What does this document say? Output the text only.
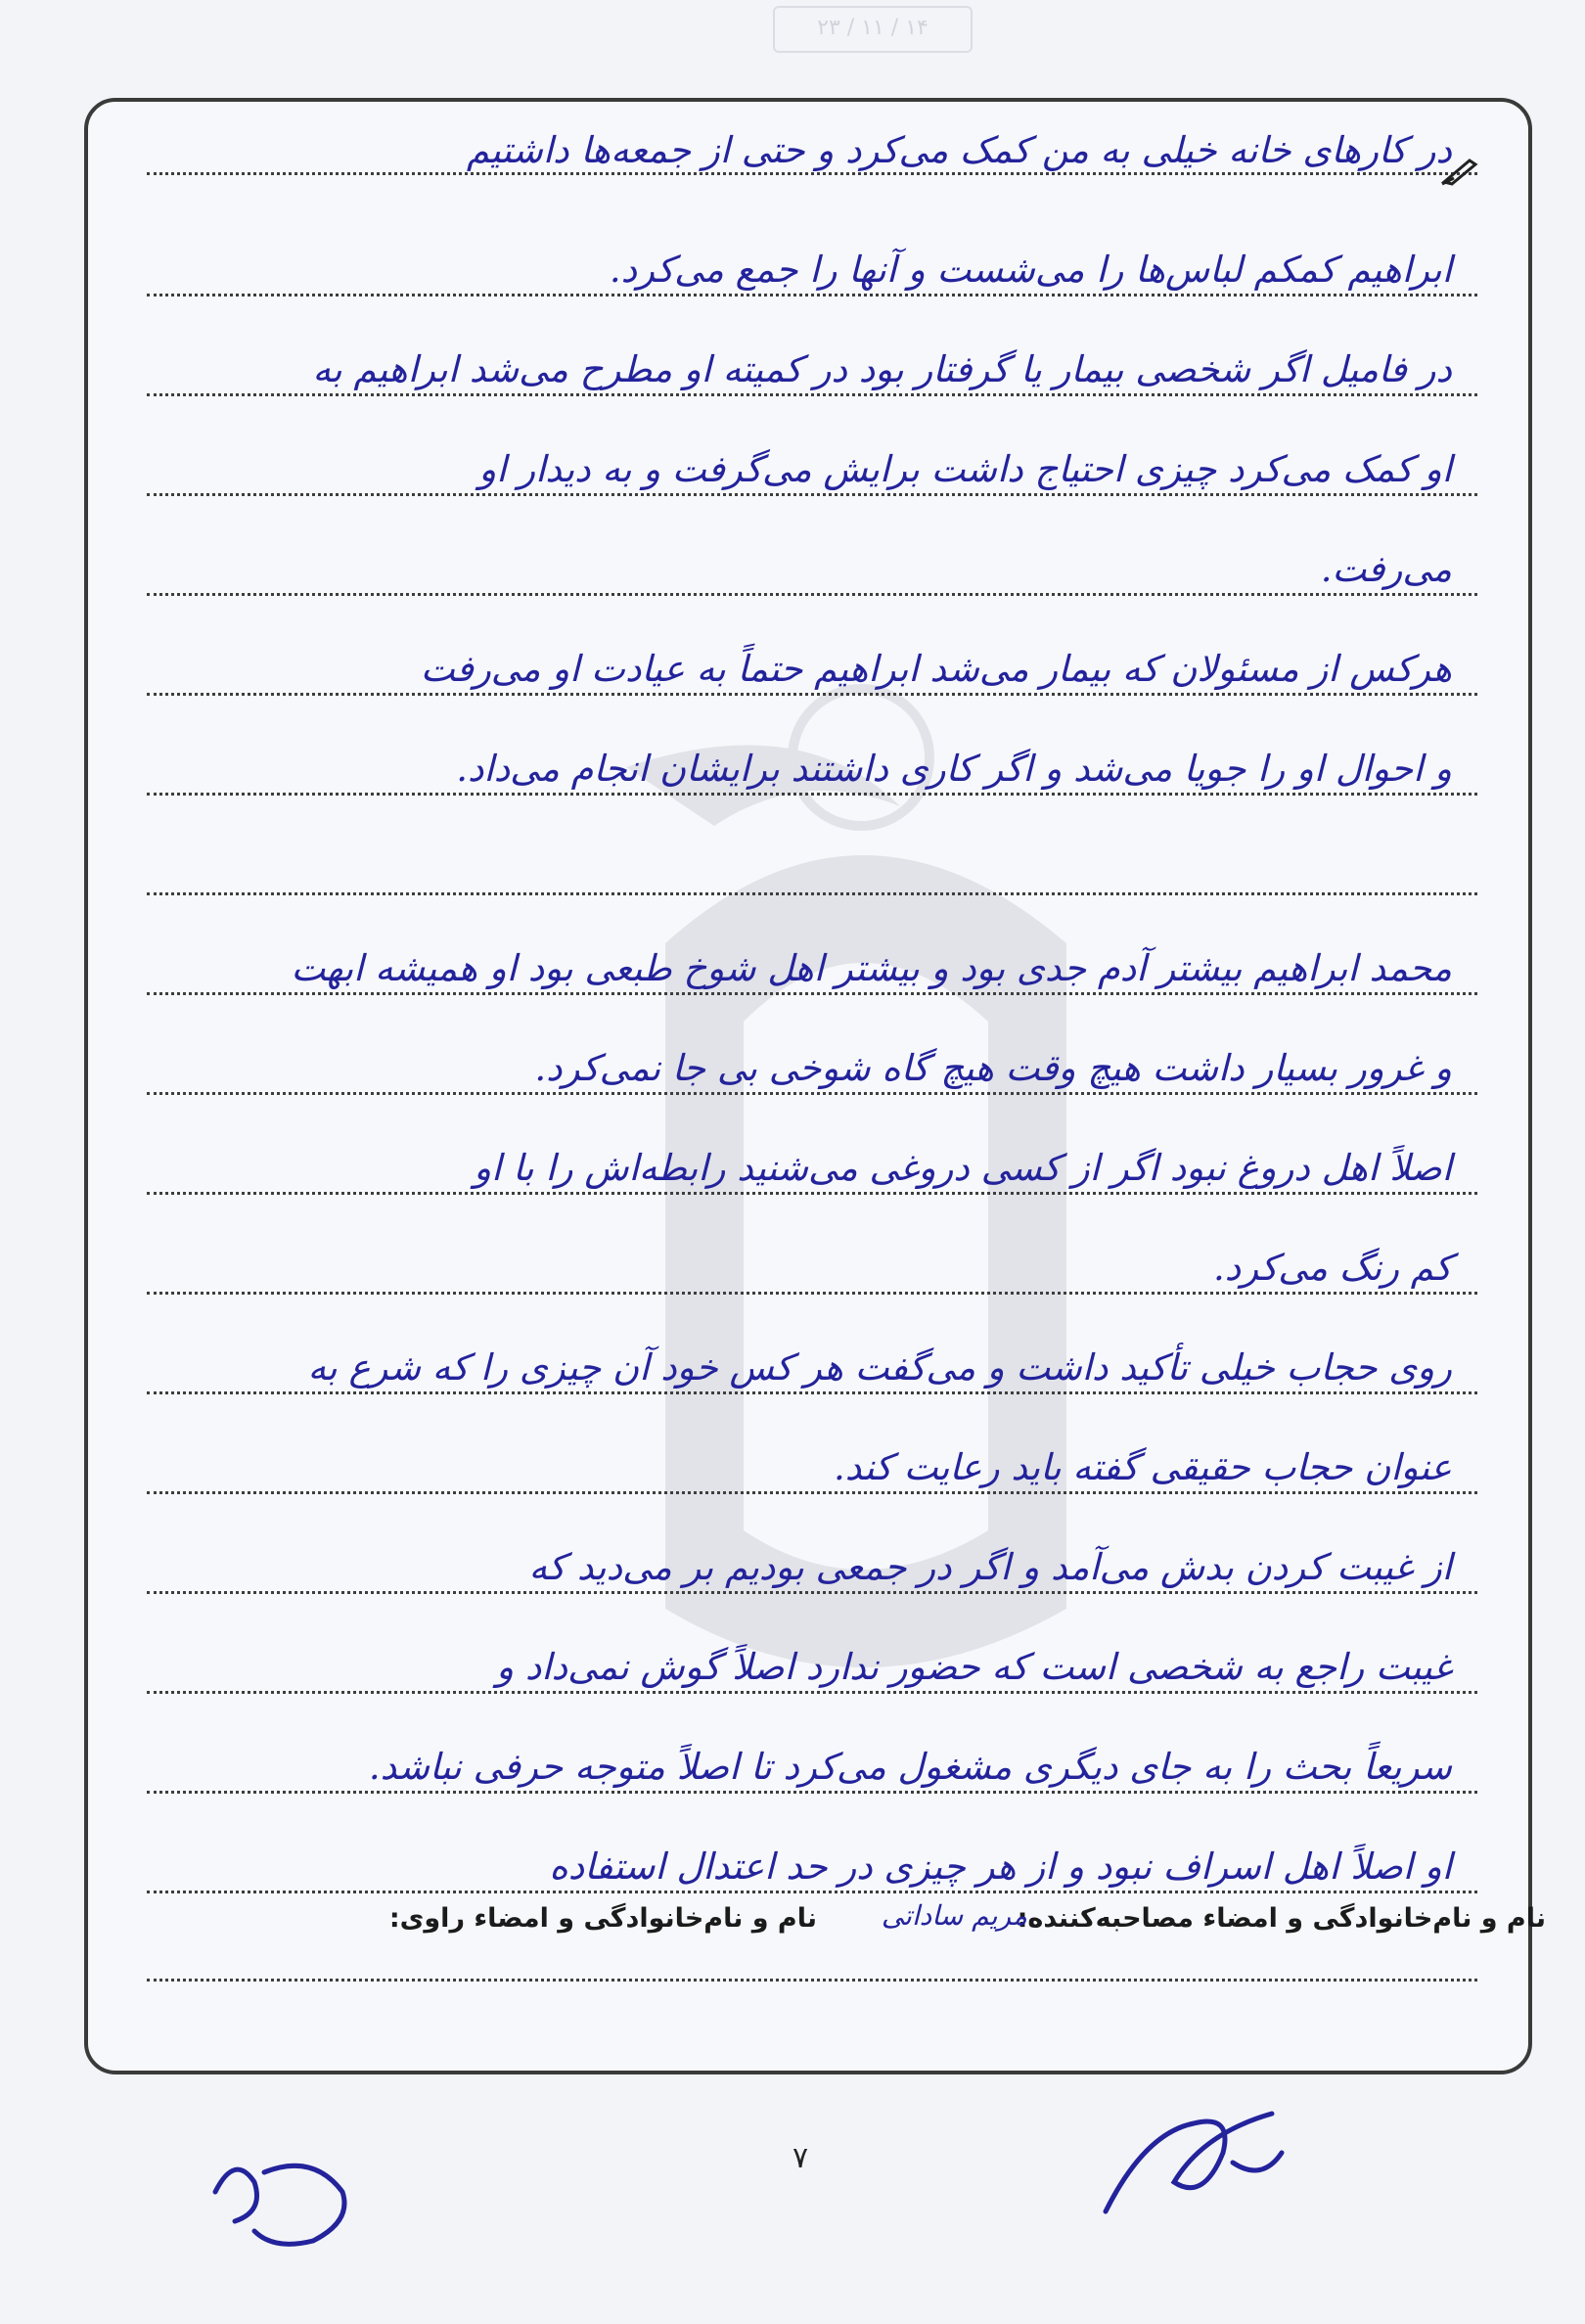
۲۳ / ۱۱ / ۱۴
در کارهای خانه خیلی به من کمک می‌کرد و حتی از جمعه‌ها داشتیم
ابراهیم کمکم لباس‌ها را می‌شست و آنها را جمع می‌کرد.
در فامیل اگر شخصی بیمار یا گرفتار بود در کمیته او مطرح می‌شد ابراهیم به
او کمک می‌کرد چیزی احتیاج داشت برایش می‌گرفت و به دیدار او
می‌رفت.
هرکس از مسئولان که بیمار می‌شد ابراهیم حتماً به عیادت او می‌رفت
و احوال او را جویا می‌شد و اگر کاری داشتند برایشان انجام می‌داد.
محمد ابراهیم بیشتر آدم جدی بود و بیشتر اهل شوخ طبعی بود او همیشه ابهت
و غرور بسیار داشت هیچ وقت هیچ گاه شوخی بی جا نمی‌کرد.
اصلاً اهل دروغ نبود اگر از کسی دروغی می‌شنید رابطه‌اش را با او
کم رنگ می‌کرد.
روی حجاب خیلی تأکید داشت و می‌گفت هر کس خود آن چیزی را که شرع به
عنوان حجاب حقیقی گفته باید رعایت کند.
از غیبت کردن بدش می‌آمد و اگر در جمعی بودیم بر می‌دید که
غیبت راجع به شخصی است که حضور ندارد اصلاً گوش نمی‌داد و
سریعاً بحث را به جای دیگری مشغول می‌کرد تا اصلاً متوجه حرفی نباشد.
او اصلاً اهل اسراف نبود و از هر چیزی در حد اعتدال استفاده
نام و نام‌خانوادگی و امضاء مصاحبه‌کننده:
مریم ساداتی
نام و نام‌خانوادگی و امضاء راوی:
۷
